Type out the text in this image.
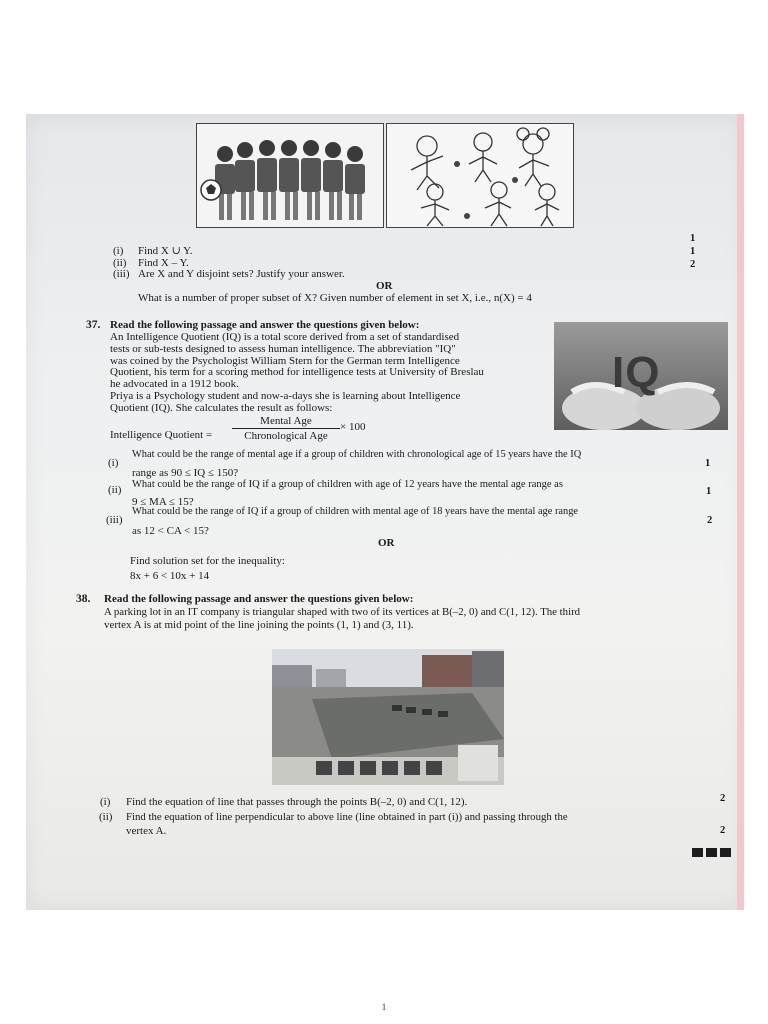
(i) Find X ∪ Y.
1
(ii) Find X – Y.
1
(iii) Are X and Y disjoint sets? Justify your answer.
2
OR
What is a number of proper subset of X? Given number of element in set X, i.e., n(X) = 4
37. Read the following passage and answer the questions given below:
An Intelligence Quotient (IQ) is a total score derived from a set of standardised
tests or sub-tests designed to assess human intelligence. The abbreviation "IQ"
was coined by the Psychologist William Stern for the German term Intelligence
Quotient, his term for a scoring method for intelligence tests at University of Breslau
he advocated in a 1912 book.
Priya is a Psychology student and now-a-days she is learning about Intelligence
Quotient (IQ). She calculates the result as follows:
IQ
Intelligence Quotient =
Mental Age
Chronological Age
× 100
(i)
What could be the range of mental age if a group of children with chronological age of 15 years have the IQ
range as 90 ≤ IQ ≤ 150?
1
(ii) What could be the range of IQ if a group of children with age of 12 years have the mental age range as
9 ≤ MA ≤ 15?
1
(iii)
What could be the range of IQ if a group of children with mental age of 18 years have the mental age range
as 12 < CA < 15?
2
OR
Find solution set for the inequality:
8x + 6 < 10x + 14
38. Read the following passage and answer the questions given below:
A parking lot in an IT company is triangular shaped with two of its vertices at B(–2, 0) and C(1, 12). The third
vertex A is at mid point of the line joining the points (1, 1) and (3, 11).
(i) Find the equation of line that passes through the points B(–2, 0) and C(1, 12).	2
(ii) Find the equation of line perpendicular to above line (line obtained in part (i)) and passing through the
vertex A.	2
1
